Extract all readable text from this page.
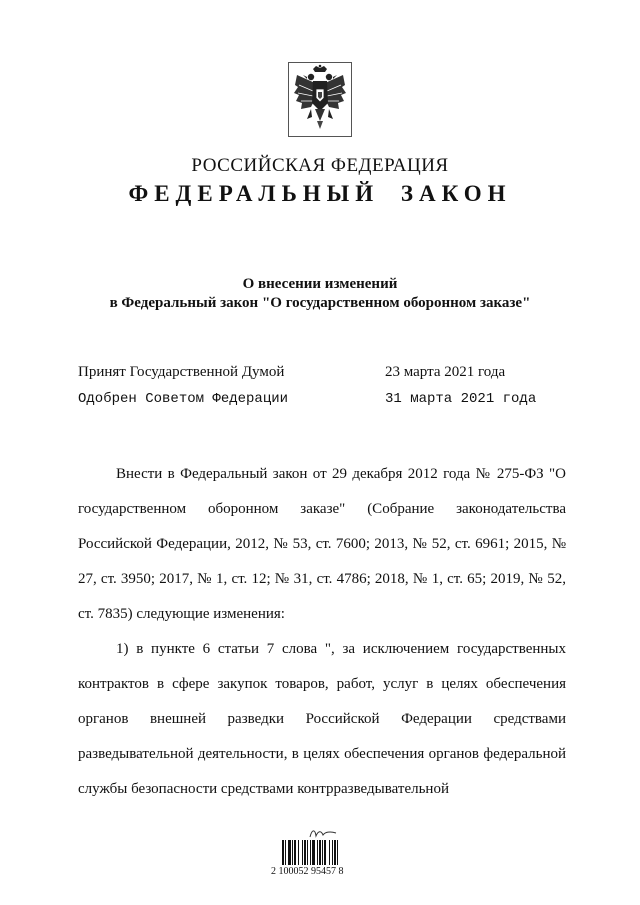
РОССИЙСКАЯ ФЕДЕРАЦИЯ
ФЕДЕРАЛЬНЫЙ ЗАКОН
О внесении изменений
в Федеральный закон "О государственном оборонном заказе"
Принят Государственной Думой	23 марта 2021 года
Одобрен Советом Федерации	31 марта 2021 года

Внести в Федеральный закон от 29 декабря 2012 года № 275-ФЗ "О государственном оборонном заказе" (Собрание законодательства Российской Федерации, 2012, № 53, ст. 7600; 2013, № 52, ст. 6961; 2015, № 27, ст. 3950; 2017, № 1, ст. 12; № 31, ст. 4786; 2018, № 1, ст. 65; 2019, № 52, ст. 7835) следующие изменения:

1) в пункте 6 статьи 7 слова ", за исключением государственных контрактов в сфере закупок товаров, работ, услуг в целях обеспечения органов внешней разведки Российской Федерации средствами разведывательной деятельности, в целях обеспечения органов федеральной службы безопасности средствами контрразведывательной

2 100052 95457 8
